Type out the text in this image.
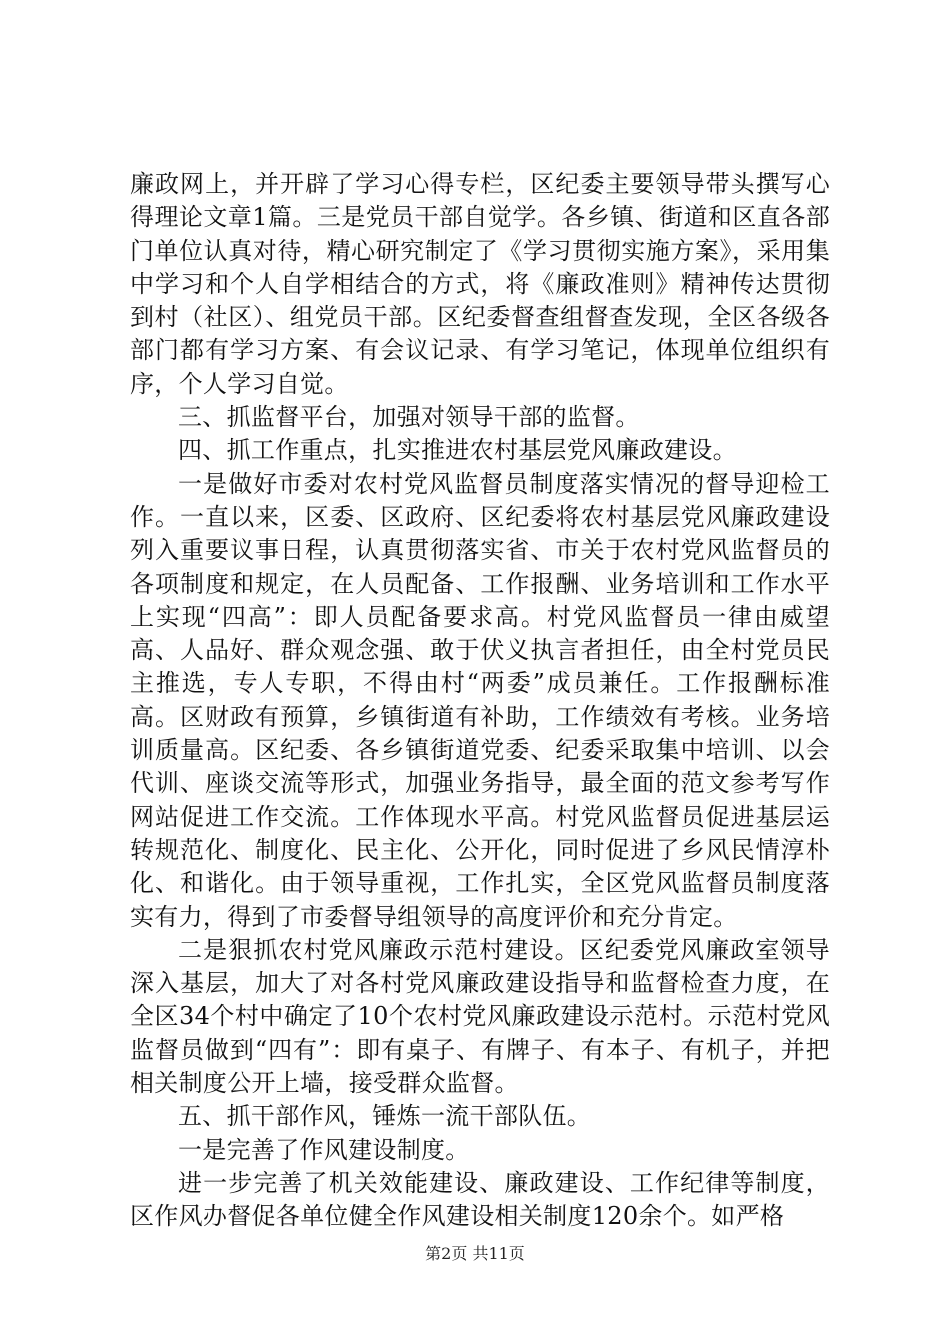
廉政网上，并开辟了学习心得专栏，区纪委主要领导带头撰写心得理论文章1篇。三是党员干部自觉学。各乡镇、街道和区直各部门单位认真对待，精心研究制定了《学习贯彻实施方案》，采用集中学习和个人自学相结合的方式，将《廉政准则》精神传达贯彻到村（社区）、组党员干部。区纪委督查组督查发现，全区各级各部门都有学习方案、有会议记录、有学习笔记，体现单位组织有序，个人学习自觉。

三、抓监督平台，加强对领导干部的监督。

四、抓工作重点，扎实推进农村基层党风廉政建设。

一是做好市委对农村党风监督员制度落实情况的督导迎检工作。一直以来，区委、区政府、区纪委将农村基层党风廉政建设列入重要议事日程，认真贯彻落实省、市关于农村党风监督员的各项制度和规定，在人员配备、工作报酬、业务培训和工作水平上实现“四高”：即人员配备要求高。村党风监督员一律由威望高、人品好、群众观念强、敢于伏义执言者担任，由全村党员民主推选，专人专职，不得由村“两委”成员兼任。工作报酬标准高。区财政有预算，乡镇街道有补助，工作绩效有考核。业务培训质量高。区纪委、各乡镇街道党委、纪委采取集中培训、以会代训、座谈交流等形式，加强业务指导，最全面的范文参考写作网站促进工作交流。工作体现水平高。村党风监督员促进基层运转规范化、制度化、民主化、公开化，同时促进了乡风民情淳朴化、和谐化。由于领导重视，工作扎实，全区党风监督员制度落实有力，得到了市委督导组领导的高度评价和充分肯定。

二是狠抓农村党风廉政示范村建设。区纪委党风廉政室领导深入基层，加大了对各村党风廉政建设指导和监督检查力度，在全区34个村中确定了10个农村党风廉政建设示范村。示范村党风监督员做到“四有”：即有桌子、有牌子、有本子、有机子，并把相关制度公开上墙，接受群众监督。

五、抓干部作风，锤炼一流干部队伍。

一是完善了作风建设制度。

进一步完善了机关效能建设、廉政建设、工作纪律等制度，区作风办督促各单位健全作风建设相关制度120余个。如严格

第2页 共11页
